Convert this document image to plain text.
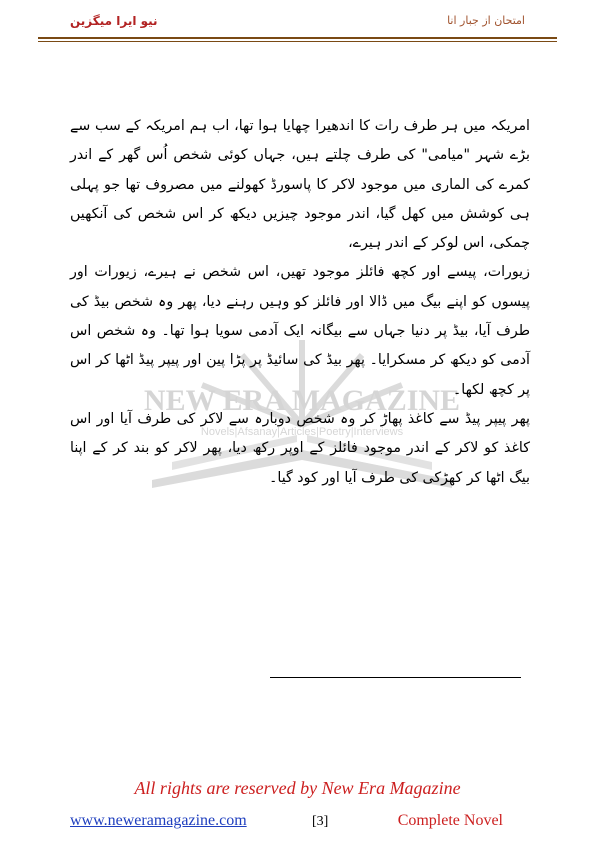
نیو ایرا میگزین	امتحان از جبار انا
NEW ERA MAGAZINE
Novels|Afsanay|Articles|Poetry|Interviews

امریکہ میں ہر طرف رات کا اندھیرا چھایا ہوا تھا، اب ہم امریکہ کے سب سے بڑے شہر "میامی" کی طرف چلتے ہیں، جہاں کوئی شخص اُس گھر کے اندر کمرے کی الماری میں موجود لاکر کا پاسورڈ کھولنے میں مصروف تھا جو پہلی ہی کوشش میں کھل گیا، اندر موجود چیزیں دیکھ کر اس شخص کی آنکھیں چمکی، اس لوکر کے اندر ہیرے،

زیورات، پیسے اور کچھ فائلز موجود تھیں، اس شخص نے ہیرے، زیورات اور پیسوں کو اپنے بیگ میں ڈالا اور فائلز کو وہیں رہنے دیا، پھر وہ شخص بیڈ کی طرف آیا، بیڈ پر دنیا جہاں سے بیگانہ ایک آدمی سویا ہوا تھا۔ وہ شخص اس آدمی کو دیکھ کر مسکرایا۔ پھر بیڈ کی سائیڈ پر پڑا پین اور پیپر پیڈ اٹھا کر اس پر کچھ لکھا۔

پھر پیپر پیڈ سے کاغذ پھاڑ کر وہ شخص دوبارہ سے لاکر کی طرف آیا اور اس کاغذ کو لاکر کے اندر موجود فائلز کے اوپر رکھ دیا، پھر لاکر کو بند کر کے اپنا بیگ اٹھا کر کھڑکی کی طرف آیا اور کود گیا۔

All rights are reserved by New Era Magazine
www.neweramagazine.com	[3]	Complete Novel
